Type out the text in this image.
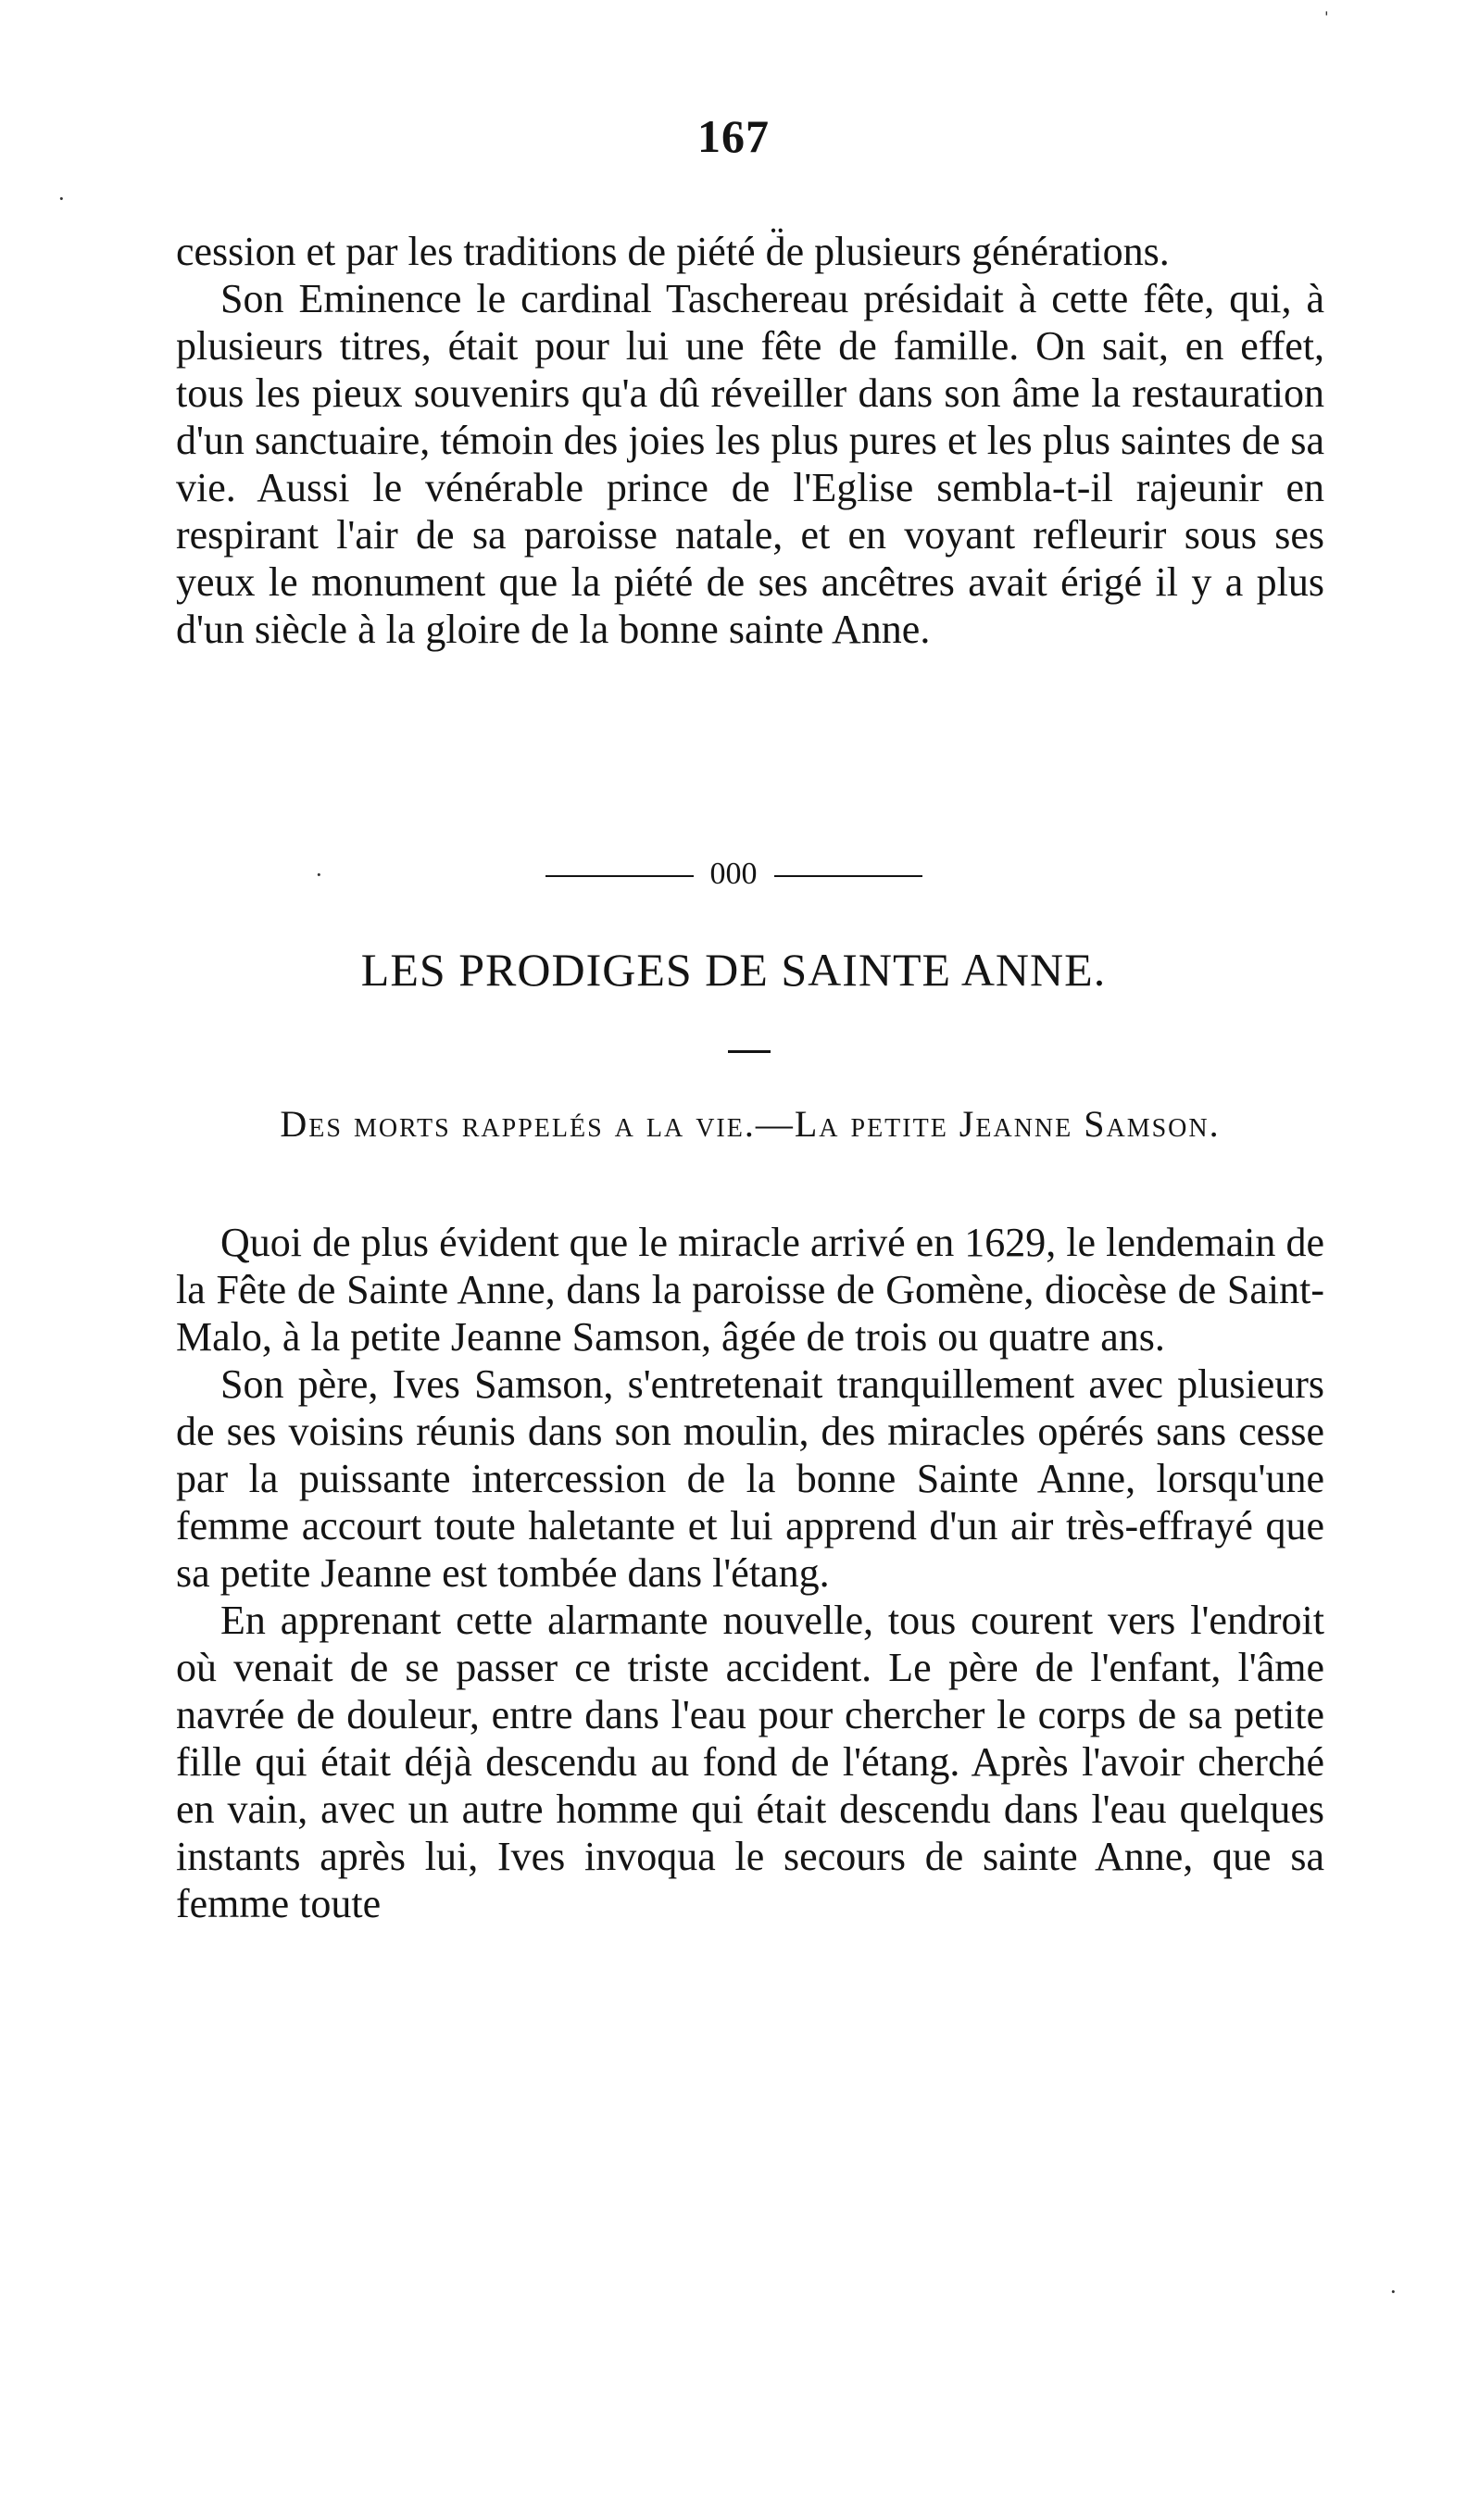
167

cession et par les traditions de piété d̈e plusieurs générations.

Son Eminence le cardinal Taschereau présidait à cette fête, qui, à plusieurs titres, était pour lui une fête de famille. On sait, en effet, tous les pieux souvenirs qu'a dû réveiller dans son âme la restauration d'un sanctuaire, témoin des joies les plus pures et les plus saintes de sa vie. Aussi le vénérable prince de l'Eglise sembla-t-il rajeunir en respirant l'air de sa paroisse natale, et en voyant refleurir sous ses yeux le monument que la piété de ses ancêtres avait érigé il y a plus d'un siècle à la gloire de la bonne sainte Anne.

000
LES PRODIGES DE SAINTE ANNE.
Des morts rappelés a la vie.—La petite Jeanne Samson.

Quoi de plus évident que le miracle arrivé en 1629, le lendemain de la Fête de Sainte Anne, dans la paroisse de Gomène, diocèse de Saint-Malo, à la petite Jeanne Samson, âgée de trois ou quatre ans.

Son père, Ives Samson, s'entretenait tranquillement avec plusieurs de ses voisins réunis dans son moulin, des miracles opérés sans cesse par la puissante intercession de la bonne Sainte Anne, lorsqu'une femme accourt toute haletante et lui apprend d'un air très-effrayé que sa petite Jeanne est tombée dans l'étang.

En apprenant cette alarmante nouvelle, tous courent vers l'endroit où venait de se passer ce triste accident. Le père de l'enfant, l'âme navrée de douleur, entre dans l'eau pour chercher le corps de sa petite fille qui était déjà descendu au fond de l'étang. Après l'avoir cherché en vain, avec un autre homme qui était descendu dans l'eau quelques instants après lui, Ives invoqua le secours de sainte Anne, que sa femme toute

ˈ
·
·
·
